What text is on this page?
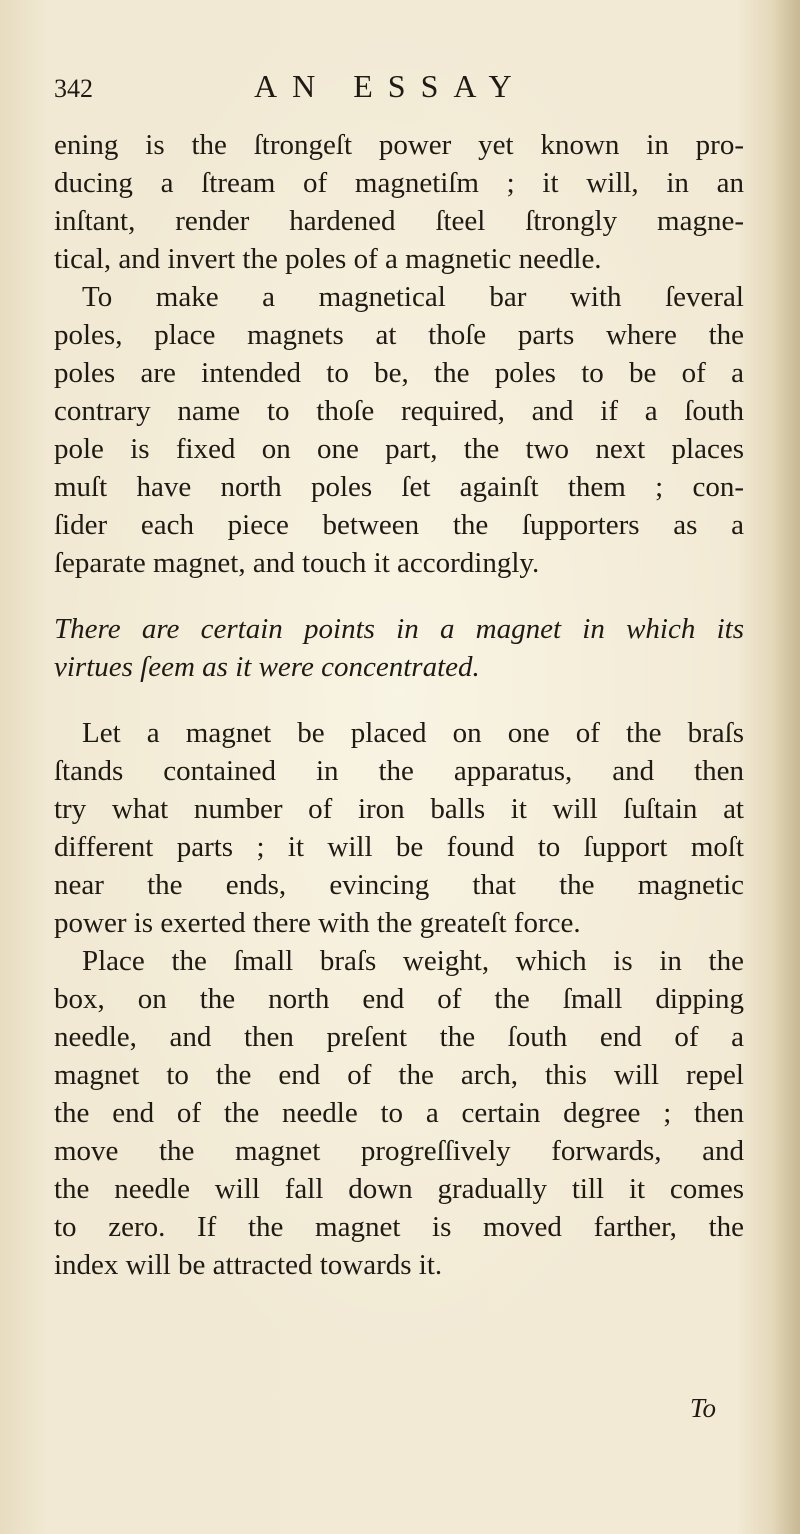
342	AN ESSAY
ening is the ſtrongeſt power yet known in pro-
ducing a ſtream of magnetiſm ; it will, in an
inſtant, render hardened ſteel ſtrongly magne-
tical, and invert the poles of a magnetic needle.
To make a magnetical bar with ſeveral
poles, place magnets at thoſe parts where the
poles are intended to be, the poles to be of a
contrary name to thoſe required, and if a ſouth
pole is fixed on one part, the two next places
muſt have north poles ſet againſt them ; con-
ſider each piece between the ſupporters as a
ſeparate magnet, and touch it accordingly.
There are certain points in a magnet in which its
virtues ſeem as it were concentrated.
Let a magnet be placed on one of the braſs
ſtands contained in the apparatus, and then
try what number of iron balls it will ſuſtain at
different parts ; it will be found to ſupport moſt
near the ends, evincing that the magnetic
power is exerted there with the greateſt force.
Place the ſmall braſs weight, which is in the
box, on the north end of the ſmall dipping
needle, and then preſent the ſouth end of a
magnet to the end of the arch, this will repel
the end of the needle to a certain degree ; then
move the magnet progreſſively forwards, and
the needle will fall down gradually till it comes
to zero. If the magnet is moved farther, the
index will be attracted towards it.
To
